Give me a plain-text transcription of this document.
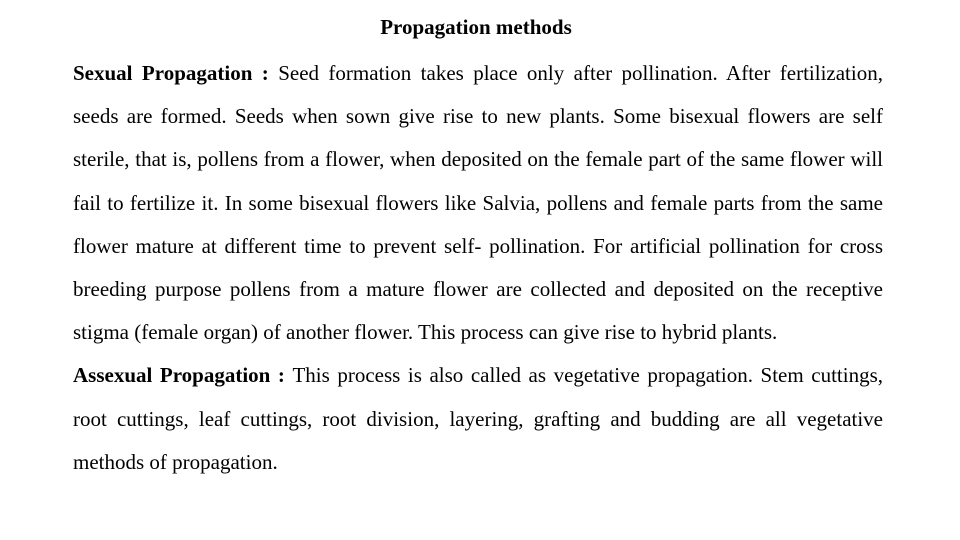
Propagation methods

Sexual Propagation : Seed formation takes place only after pollination. After fertilization, seeds are formed. Seeds when sown give rise to new plants. Some bisexual flowers are self sterile, that is, pollens from a flower, when deposited on the female part of the same flower will fail to fertilize it. In some bisexual flowers like Salvia, pollens and female parts from the same flower mature at different time to prevent self- pollination. For artificial pollination for cross breeding purpose pollens from a mature flower are collected and deposited on the receptive stigma (female organ) of another flower. This process can give rise to hybrid plants.

Assexual Propagation : This process is also called as vegetative propagation. Stem cuttings, root cuttings, leaf cuttings, root division, layering, grafting and budding are all vegetative methods of propagation.
